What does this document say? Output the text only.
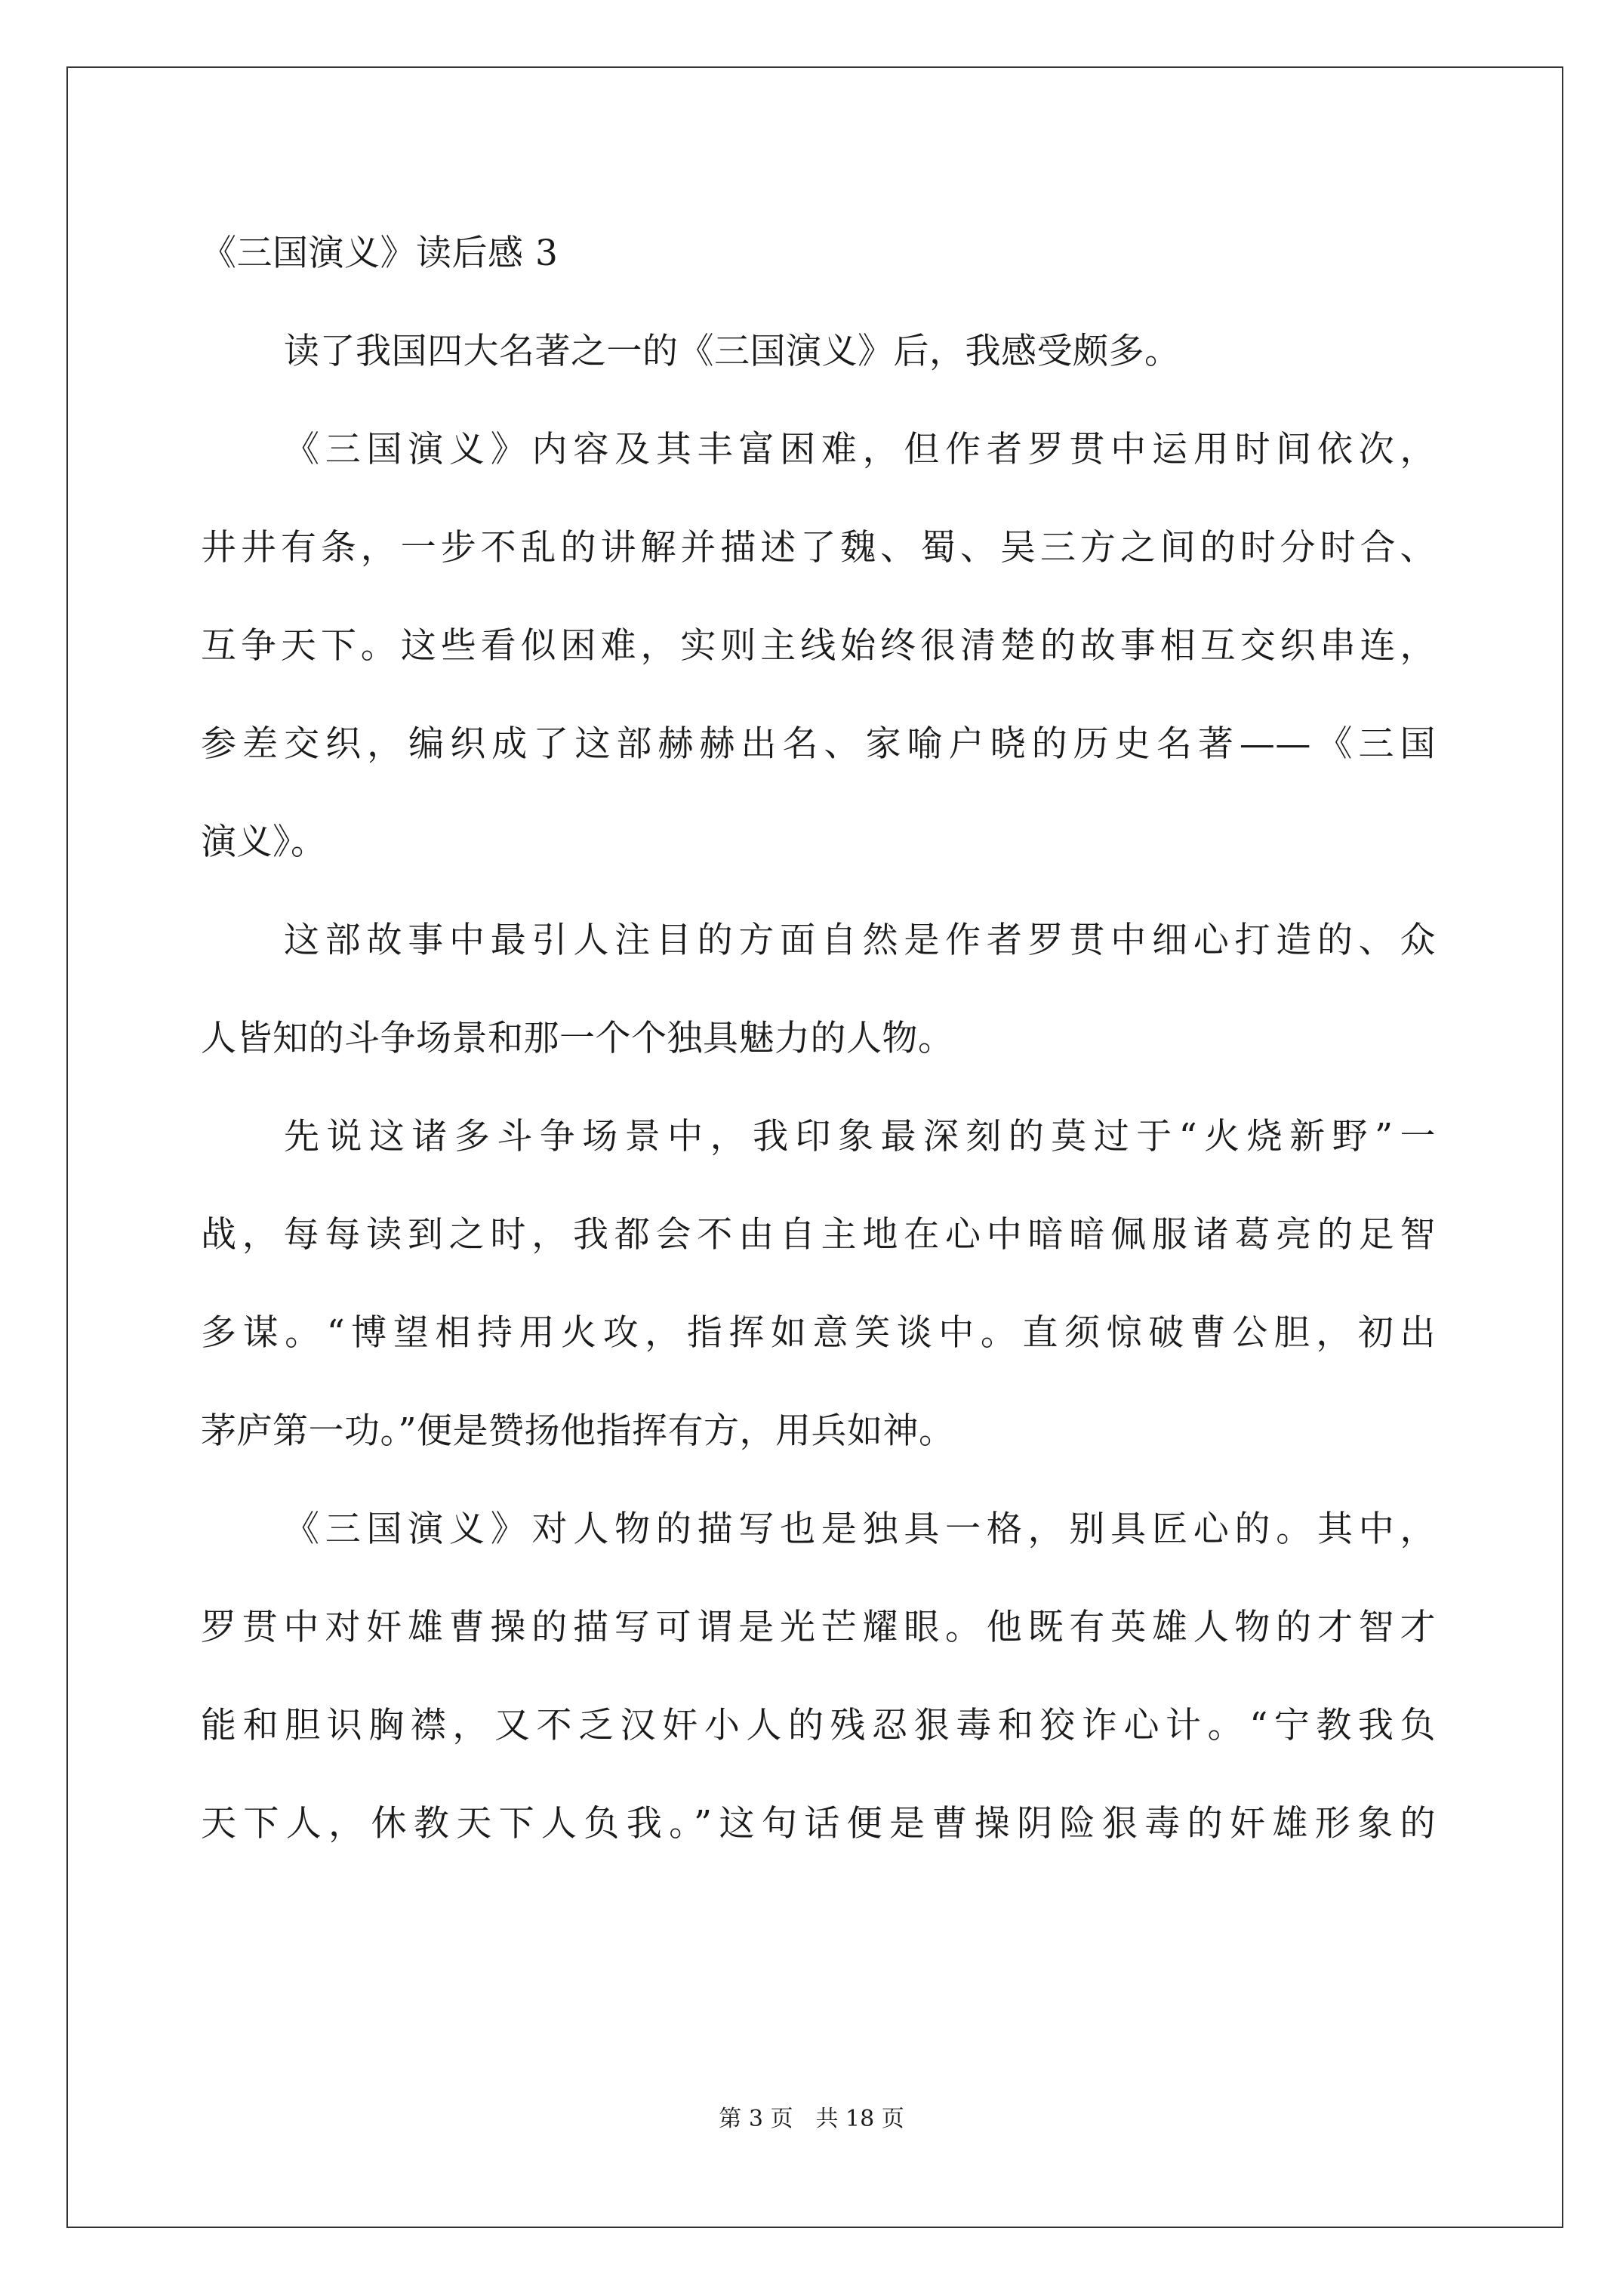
《三国演义》读后感 3
读了我国四大名著之一的《三国演义》后，我感受颇多。
《三国演义》内容及其丰富困难，但作者罗贯中运用时间依次，
井井有条，一步不乱的讲解并描述了魏、蜀、吴三方之间的时分时合、
互争天下。这些看似困难，实则主线始终很清楚的故事相互交织串连，
参差交织，编织成了这部赫赫出名、家喻户晓的历史名著——《三国
演义》。
这部故事中最引人注目的方面自然是作者罗贯中细心打造的、众
人皆知的斗争场景和那一个个独具魅力的人物。
先说这诸多斗争场景中，我印象最深刻的莫过于“火烧新野”一
战，每每读到之时，我都会不由自主地在心中暗暗佩服诸葛亮的足智
多谋。“博望相持用火攻，指挥如意笑谈中。直须惊破曹公胆，初出
茅庐第一功。”便是赞扬他指挥有方，用兵如神。
《三国演义》对人物的描写也是独具一格，别具匠心的。其中，
罗贯中对奸雄曹操的描写可谓是光芒耀眼。他既有英雄人物的才智才
能和胆识胸襟，又不乏汉奸小人的残忍狠毒和狡诈心计。“宁教我负
天下人，休教天下人负我。”这句话便是曹操阴险狠毒的奸雄形象的
第 3 页　共 18 页
